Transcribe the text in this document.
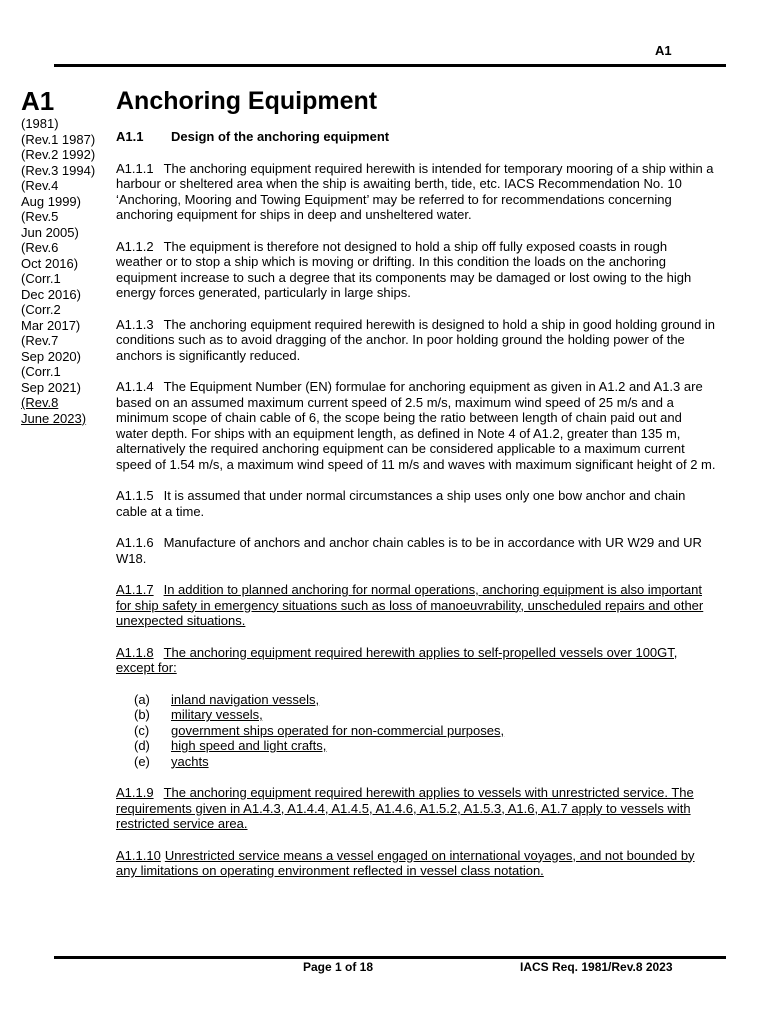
A1
A1
(1981)
(Rev.1 1987)
(Rev.2 1992)
(Rev.3 1994)
(Rev.4
Aug 1999)
(Rev.5
Jun 2005)
(Rev.6
Oct 2016)
(Corr.1
Dec 2016)
(Corr.2
Mar 2017)
(Rev.7
Sep 2020)
(Corr.1
Sep 2021)
(Rev.8
June 2023)
Anchoring Equipment
A1.1 Design of the anchoring equipment
A1.1.1 The anchoring equipment required herewith is intended for temporary mooring of a ship within a harbour or sheltered area when the ship is awaiting berth, tide, etc. IACS Recommendation No. 10 ‘Anchoring, Mooring and Towing Equipment’ may be referred to for recommendations concerning anchoring equipment for ships in deep and unsheltered water.
A1.1.2 The equipment is therefore not designed to hold a ship off fully exposed coasts in rough weather or to stop a ship which is moving or drifting. In this condition the loads on the anchoring equipment increase to such a degree that its components may be damaged or lost owing to the high energy forces generated, particularly in large ships.
A1.1.3 The anchoring equipment required herewith is designed to hold a ship in good holding ground in conditions such as to avoid dragging of the anchor. In poor holding ground the holding power of the anchors is significantly reduced.
A1.1.4 The Equipment Number (EN) formulae for anchoring equipment as given in A1.2 and A1.3 are based on an assumed maximum current speed of 2.5 m/s, maximum wind speed of 25 m/s and a minimum scope of chain cable of 6, the scope being the ratio between length of chain paid out and water depth. For ships with an equipment length, as defined in Note 4 of A1.2, greater than 135 m, alternatively the required anchoring equipment can be considered applicable to a maximum current speed of 1.54 m/s, a maximum wind speed of 11 m/s and waves with maximum significant height of 2 m.
A1.1.5 It is assumed that under normal circumstances a ship uses only one bow anchor and chain cable at a time.
A1.1.6 Manufacture of anchors and anchor chain cables is to be in accordance with UR W29 and UR W18.
A1.1.7 In addition to planned anchoring for normal operations, anchoring equipment is also important for ship safety in emergency situations such as loss of manoeuvrability, unscheduled repairs and other unexpected situations.
A1.1.8 The anchoring equipment required herewith applies to self-propelled vessels over 100GT, except for:
(a)	inland navigation vessels,
(b)	military vessels,
(c)	government ships operated for non-commercial purposes,
(d)	high speed and light crafts,
(e)	yachts
A1.1.9 The anchoring equipment required herewith applies to vessels with unrestricted service. The requirements given in A1.4.3, A1.4.4, A1.4.5, A1.4.6, A1.5.2, A1.5.3, A1.6, A1.7 apply to vessels with restricted service area.
A1.1.10 Unrestricted service means a vessel engaged on international voyages, and not bounded by any limitations on operating environment reflected in vessel class notation.
Page 1 of 18	IACS Req. 1981/Rev.8 2023
